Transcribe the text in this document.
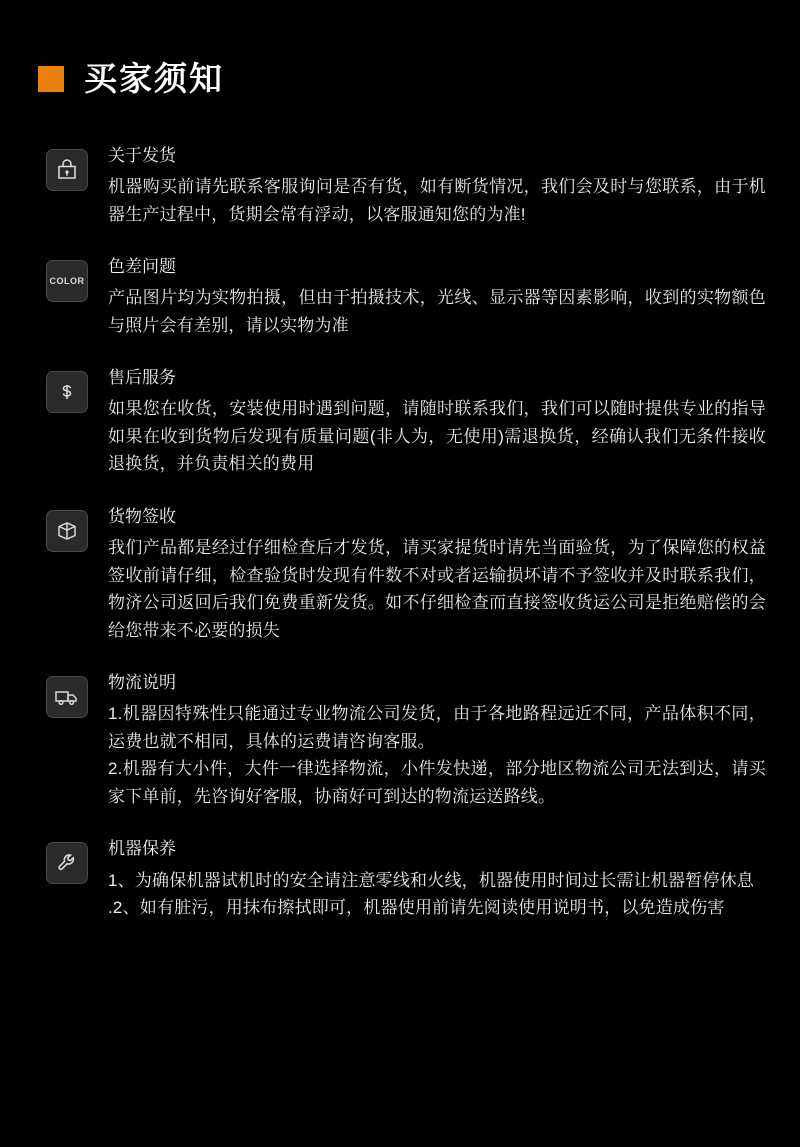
买家须知
关于发货

机器购买前请先联系客服询问是否有货，如有断货情况，我们会及时与您联系，由于机器生产过程中，货期会常有浮动，以客服通知您的为准!

COLOR
色差问题

产品图片均为实物拍摄，但由于拍摄技术，光线、显示器等因素影响，收到的实物额色与照片会有差别，请以实物为准

售后服务

如果您在收货，安装使用时遇到问题，请随时联系我们，我们可以随时提供专业的指导如果在收到货物后发现有质量问题(非人为，无使用)需退换货，经确认我们无条件接收退换货，并负责相关的费用

货物签收

我们产品都是经过仔细检查后才发货，请买家提货时请先当面验货，为了保障您的权益签收前请仔细，检查验货时发现有件数不对或者运输损坏请不予签收并及时联系我们，物济公司返回后我们免费重新发货。如不仔细检查而直接签收货运公司是拒绝赔偿的会给您带来不必要的损失

物流说明

1.机器因特殊性只能通过专业物流公司发货，由于各地路程远近不同，产品体积不同，运费也就不相同，具体的运费请咨询客服。

2.机器有大小件，大件一律选择物流，小件发快递，部分地区物流公司无法到达，请买家下单前，先咨询好客服，协商好可到达的物流运送路线。

机器保养

1、为确保机器试机时的安全请注意零线和火线，机器使用时间过长需让机器暂停休息

.2、如有脏污，用抹布擦拭即可，机器使用前请先阅读使用说明书，以免造成伤害
